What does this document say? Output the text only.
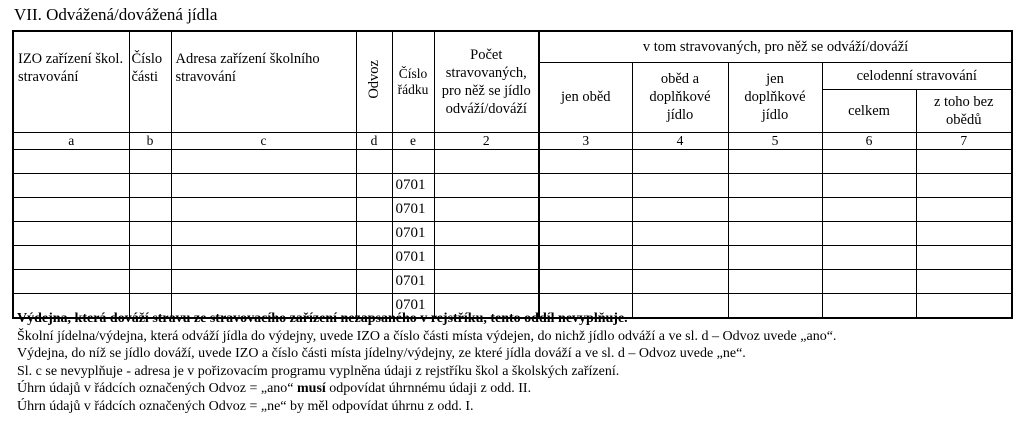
VII. Odvážená/dovážená jídla
IZO zařízení škol. stravování	Číslo části	Adresa zařízení školního stravování	Odvoz	Číslo řádku	Počet stravovaných, pro něž se jídlo odváží/dováží	v tom stravovaných, pro něž se odváží/dováží				
						jen oběd	oběd a doplňkové jídlo	jen doplňkové jídlo	celodenní stravování	
									celkem	z toho bez obědů
a	b	c	d	e	2	3	4	5	6	7

				0701						
				0701						
				0701						
				0701						
				0701						
				0701						
Výdejna, která dováží stravu ze stravovacího zařízení nezapsaného v rejstříku, tento oddíl nevyplňuje.
Školní jídelna/výdejna, která odváží jídla do výdejny, uvede IZO a číslo části místa výdejen, do nichž jídlo odváží a ve sl. d – Odvoz uvede „ano“.
Výdejna, do níž se jídlo dováží, uvede IZO a číslo části místa jídelny/výdejny, ze které jídla dováží a ve sl. d – Odvoz uvede „ne“.
Sl. c se nevyplňuje - adresa je v pořizovacím programu vyplněna údaji z rejstříku škol a školských zařízení.
Úhrn údajů v řádcích označených Odvoz = „ano“ musí odpovídat úhrnnému údaji z odd. II.
Úhrn údajů v řádcích označených Odvoz = „ne“ by měl odpovídat úhrnu z odd. I.
